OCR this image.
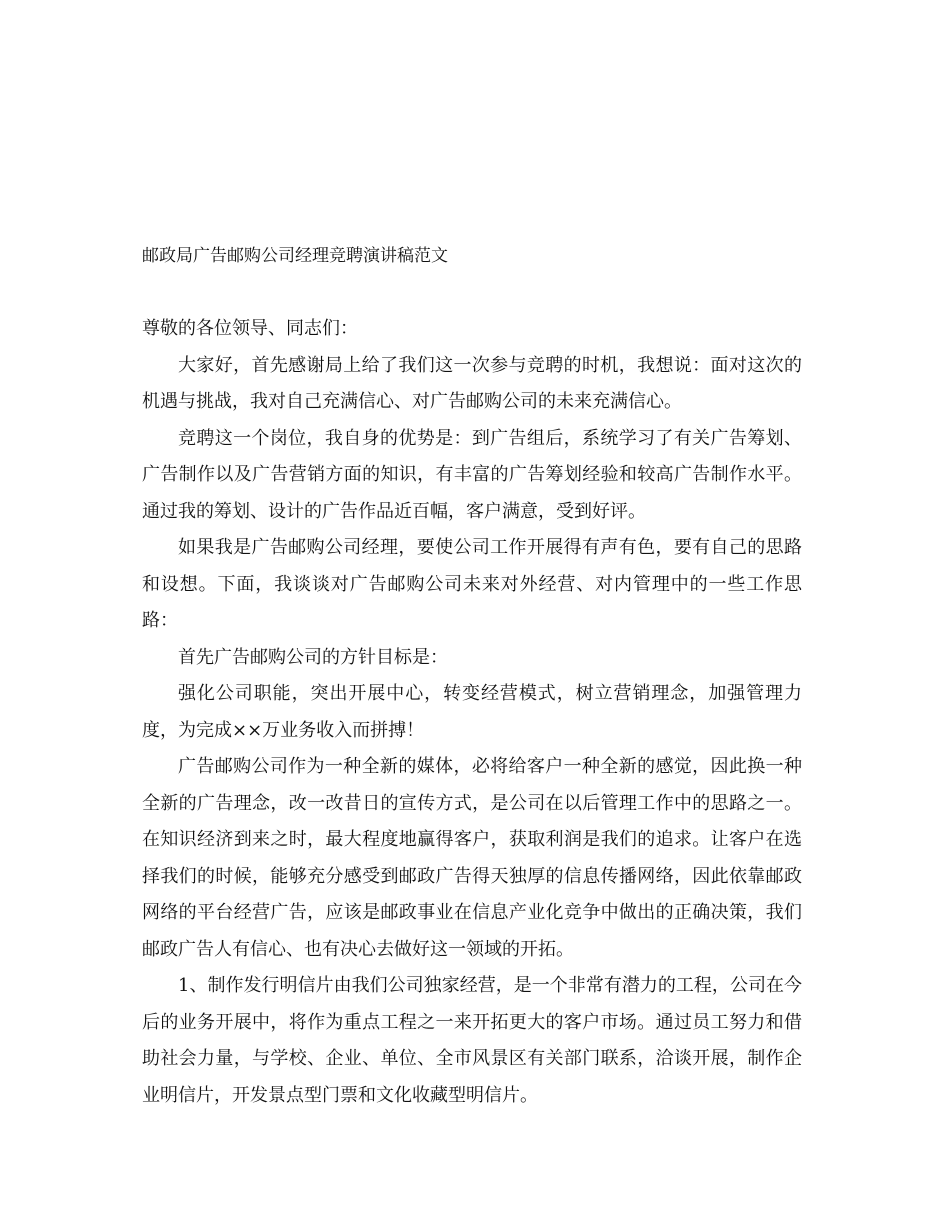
邮政局广告邮购公司经理竞聘演讲稿范文

尊敬的各位领导、同志们：

大家好，首先感谢局上给了我们这一次参与竞聘的时机，我想说：面对这次的机遇与挑战，我对自己充满信心、对广告邮购公司的未来充满信心。

竞聘这一个岗位，我自身的优势是：到广告组后，系统学习了有关广告筹划、广告制作以及广告营销方面的知识，有丰富的广告筹划经验和较高广告制作水平。通过我的筹划、设计的广告作品近百幅，客户满意，受到好评。

如果我是广告邮购公司经理，要使公司工作开展得有声有色，要有自己的思路和设想。下面，我谈谈对广告邮购公司未来对外经营、对内管理中的一些工作思路：

首先广告邮购公司的方针目标是：

强化公司职能，突出开展中心，转变经营模式，树立营销理念，加强管理力度，为完成××万业务收入而拼搏！

广告邮购公司作为一种全新的媒体，必将给客户一种全新的感觉，因此换一种全新的广告理念，改一改昔日的宣传方式，是公司在以后管理工作中的思路之一。在知识经济到来之时，最大程度地赢得客户，获取利润是我们的追求。让客户在选择我们的时候，能够充分感受到邮政广告得天独厚的信息传播网络，因此依靠邮政网络的平台经营广告，应该是邮政事业在信息产业化竞争中做出的正确决策，我们邮政广告人有信心、也有决心去做好这一领域的开拓。

1、制作发行明信片由我们公司独家经营，是一个非常有潜力的工程，公司在今后的业务开展中，将作为重点工程之一来开拓更大的客户市场。通过员工努力和借助社会力量，与学校、企业、单位、全市风景区有关部门联系，洽谈开展，制作企业明信片，开发景点型门票和文化收藏型明信片。
